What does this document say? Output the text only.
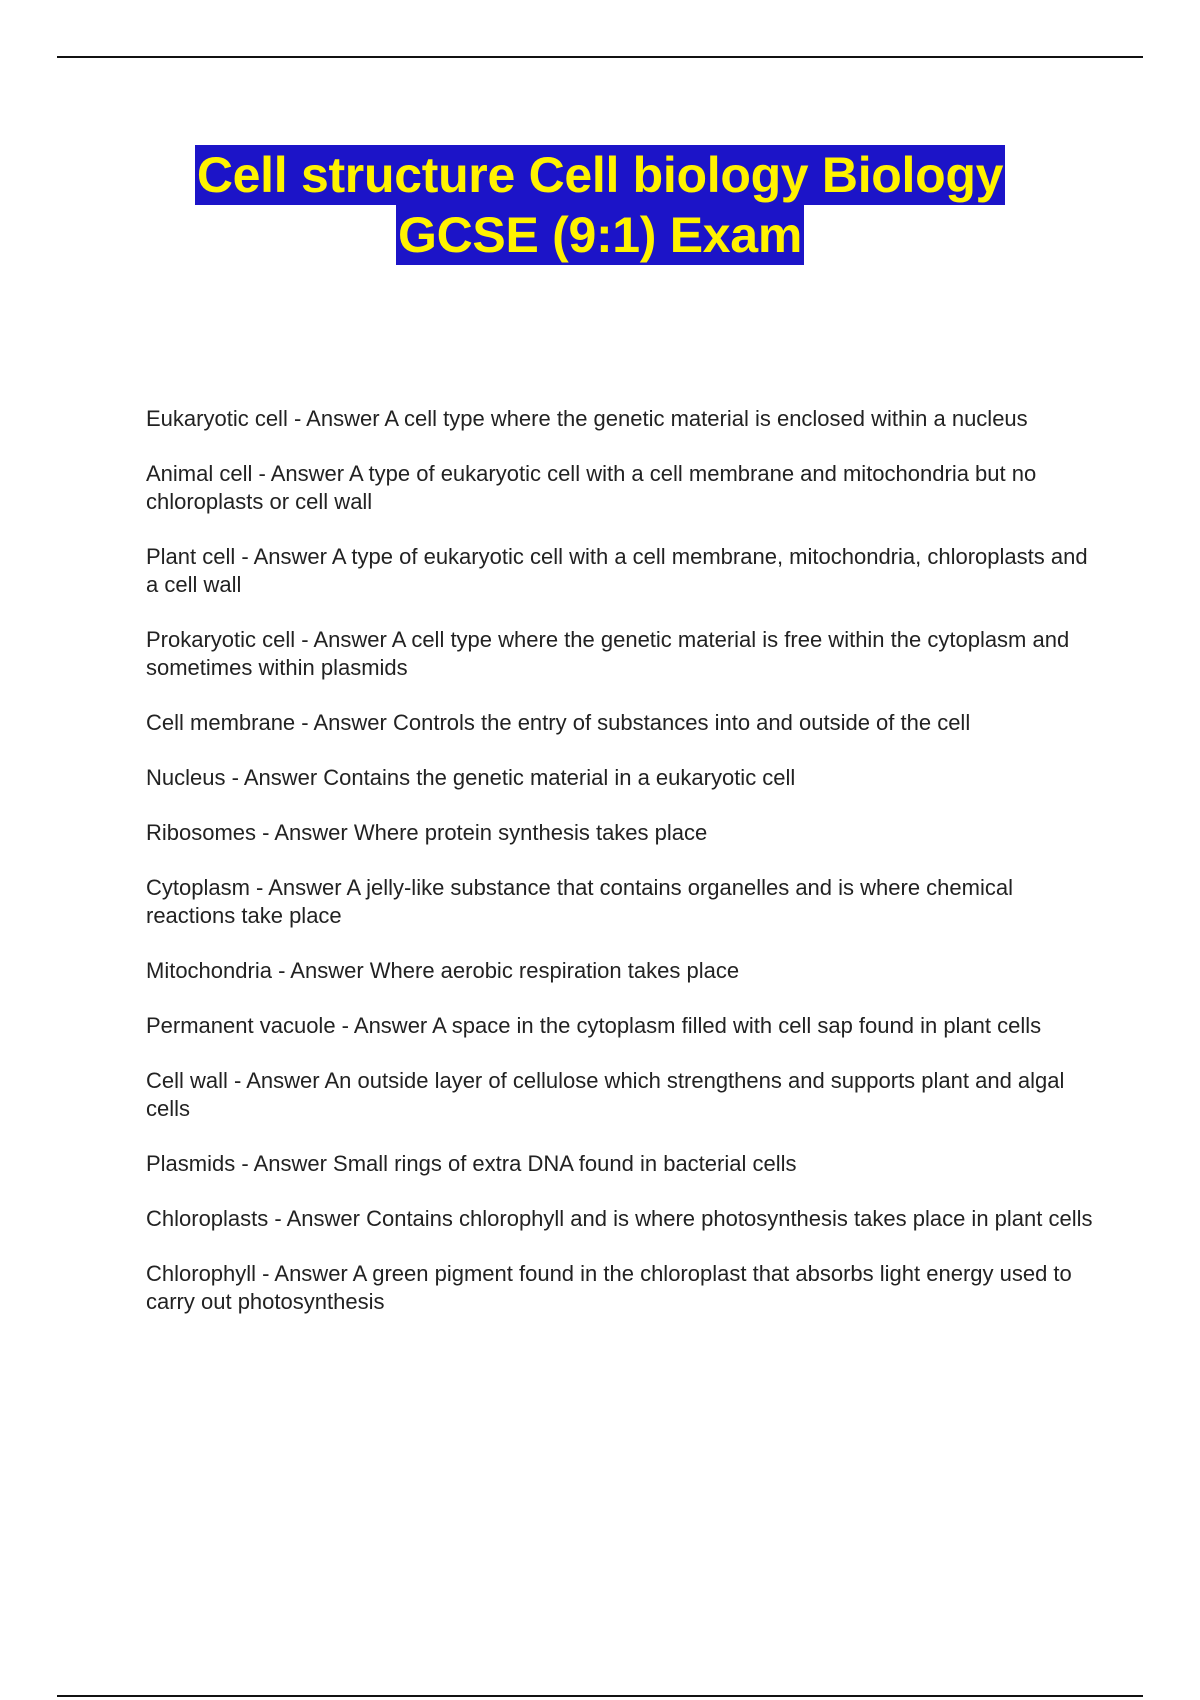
Cell structure Cell biology Biology
GCSE (9:1) Exam
Eukaryotic cell - Answer A cell type where the genetic material is enclosed within a nucleus
Animal cell - Answer A type of eukaryotic cell with a cell membrane and mitochondria but no chloroplasts or cell wall
Plant cell - Answer A type of eukaryotic cell with a cell membrane, mitochondria, chloroplasts and a cell wall
Prokaryotic cell - Answer A cell type where the genetic material is free within the cytoplasm and sometimes within plasmids
Cell membrane - Answer Controls the entry of substances into and outside of the cell
Nucleus - Answer Contains the genetic material in a eukaryotic cell
Ribosomes - Answer Where protein synthesis takes place
Cytoplasm - Answer A jelly-like substance that contains organelles and is where chemical reactions take place
Mitochondria - Answer Where aerobic respiration takes place
Permanent vacuole - Answer A space in the cytoplasm filled with cell sap found in plant cells
Cell wall - Answer An outside layer of cellulose which strengthens and supports plant and algal cells
Plasmids - Answer Small rings of extra DNA found in bacterial cells
Chloroplasts - Answer Contains chlorophyll and is where photosynthesis takes place in plant cells
Chlorophyll - Answer A green pigment found in the chloroplast that absorbs light energy used to carry out photosynthesis
